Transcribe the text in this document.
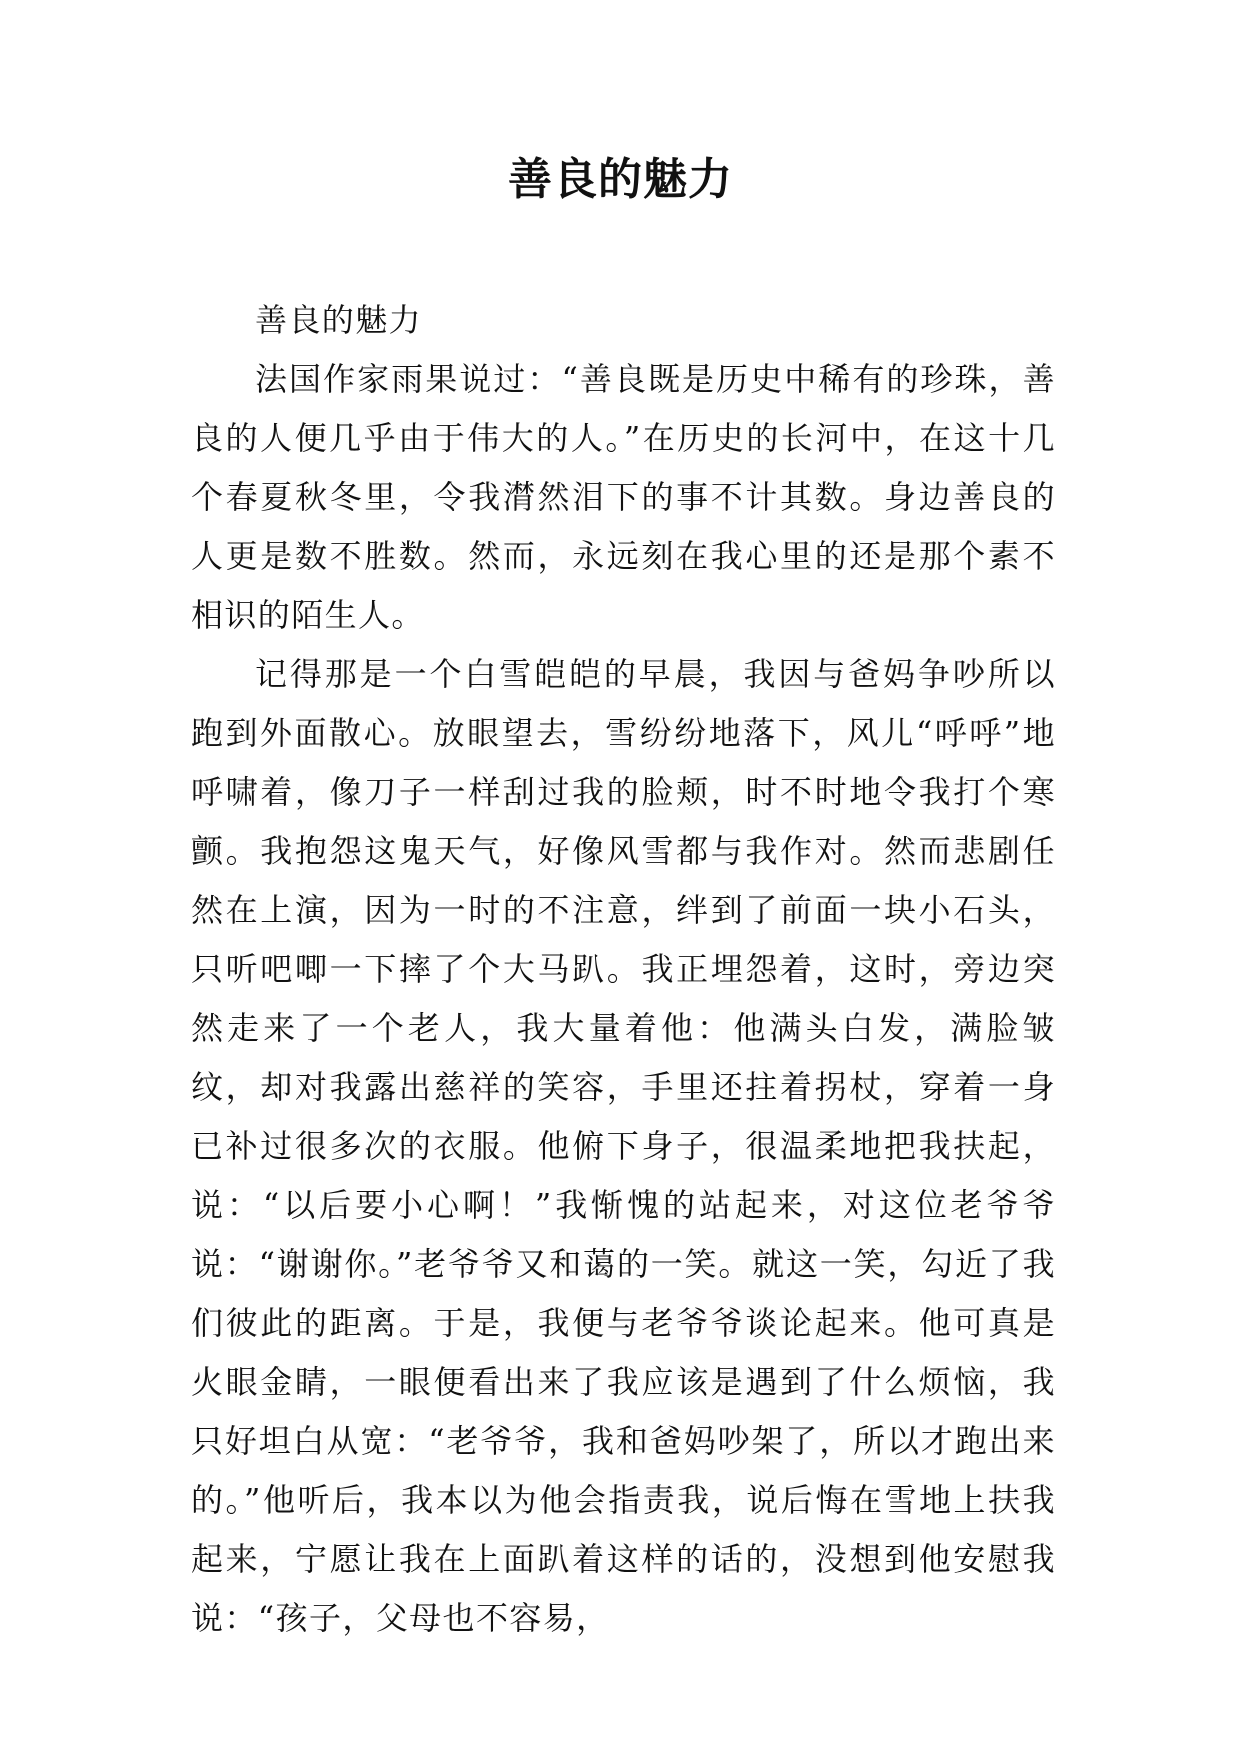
善良的魅力

善良的魅力

法国作家雨果说过：“善良既是历史中稀有的珍珠，善良的人便几乎由于伟大的人。”在历史的长河中，在这十几个春夏秋冬里，令我潸然泪下的事不计其数。身边善良的人更是数不胜数。然而，永远刻在我心里的还是那个素不相识的陌生人。

记得那是一个白雪皑皑的早晨，我因与爸妈争吵所以跑到外面散心。放眼望去，雪纷纷地落下，风儿“呼呼”地呼啸着，像刀子一样刮过我的脸颊，时不时地令我打个寒颤。我抱怨这鬼天气，好像风雪都与我作对。然而悲剧任然在上演，因为一时的不注意，绊到了前面一块小石头，只听吧唧一下摔了个大马趴。我正埋怨着，这时，旁边突然走来了一个老人，我大量着他：他满头白发，满脸皱纹，却对我露出慈祥的笑容，手里还拄着拐杖，穿着一身已补过很多次的衣服。他俯下身子，很温柔地把我扶起，说：“以后要小心啊！”我惭愧的站起来，对这位老爷爷说：“谢谢你。”老爷爷又和蔼的一笑。就这一笑，勾近了我们彼此的距离。于是，我便与老爷爷谈论起来。他可真是火眼金睛，一眼便看出来了我应该是遇到了什么烦恼，我只好坦白从宽：“老爷爷，我和爸妈吵架了，所以才跑出来的。”他听后，我本以为他会指责我，说后悔在雪地上扶我起来，宁愿让我在上面趴着这样的话的，没想到他安慰我说：“孩子，父母也不容易，
